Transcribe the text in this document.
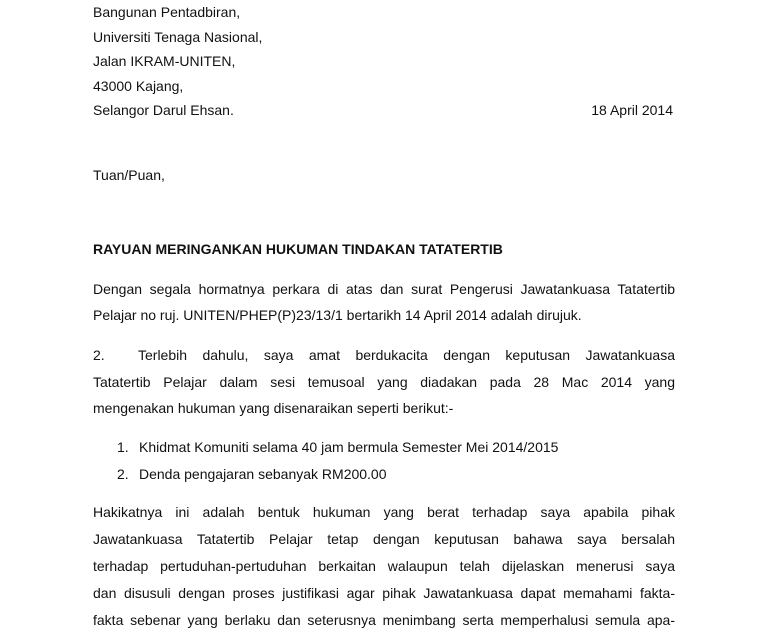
Bangunan Pentadbiran,
Universiti Tenaga Nasional,
Jalan IKRAM-UNITEN,
43000 Kajang,
Selangor Darul Ehsan.	18 April 2014
Tuan/Puan,
RAYUAN MERINGANKAN HUKUMAN TINDAKAN TATATERTIB
Dengan segala hormatnya perkara di atas dan surat Pengerusi Jawatankuasa Tatatertib
Pelajar no ruj. UNITEN/PHEP(P)23/13/1 bertarikh 14 April 2014 adalah dirujuk.
2. Terlebih dahulu, saya amat berdukacita dengan keputusan Jawatankuasa
Tatatertib Pelajar dalam sesi temusoal yang diadakan pada 28 Mac 2014 yang
mengenakan hukuman yang disenaraikan seperti berikut:-
1. Khidmat Komuniti selama 40 jam bermula Semester Mei 2014/2015
2. Denda pengajaran sebanyak RM200.00
Hakikatnya ini adalah bentuk hukuman yang berat terhadap saya apabila pihak
Jawatankuasa Tatatertib Pelajar tetap dengan keputusan bahawa saya bersalah
terhadap pertuduhan-pertuduhan berkaitan walaupun telah dijelaskan menerusi saya
dan disusuli dengan proses justifikasi agar pihak Jawatankuasa dapat memahami fakta-
fakta sebenar yang berlaku dan seterusnya menimbang serta memperhalusi semula apa-
